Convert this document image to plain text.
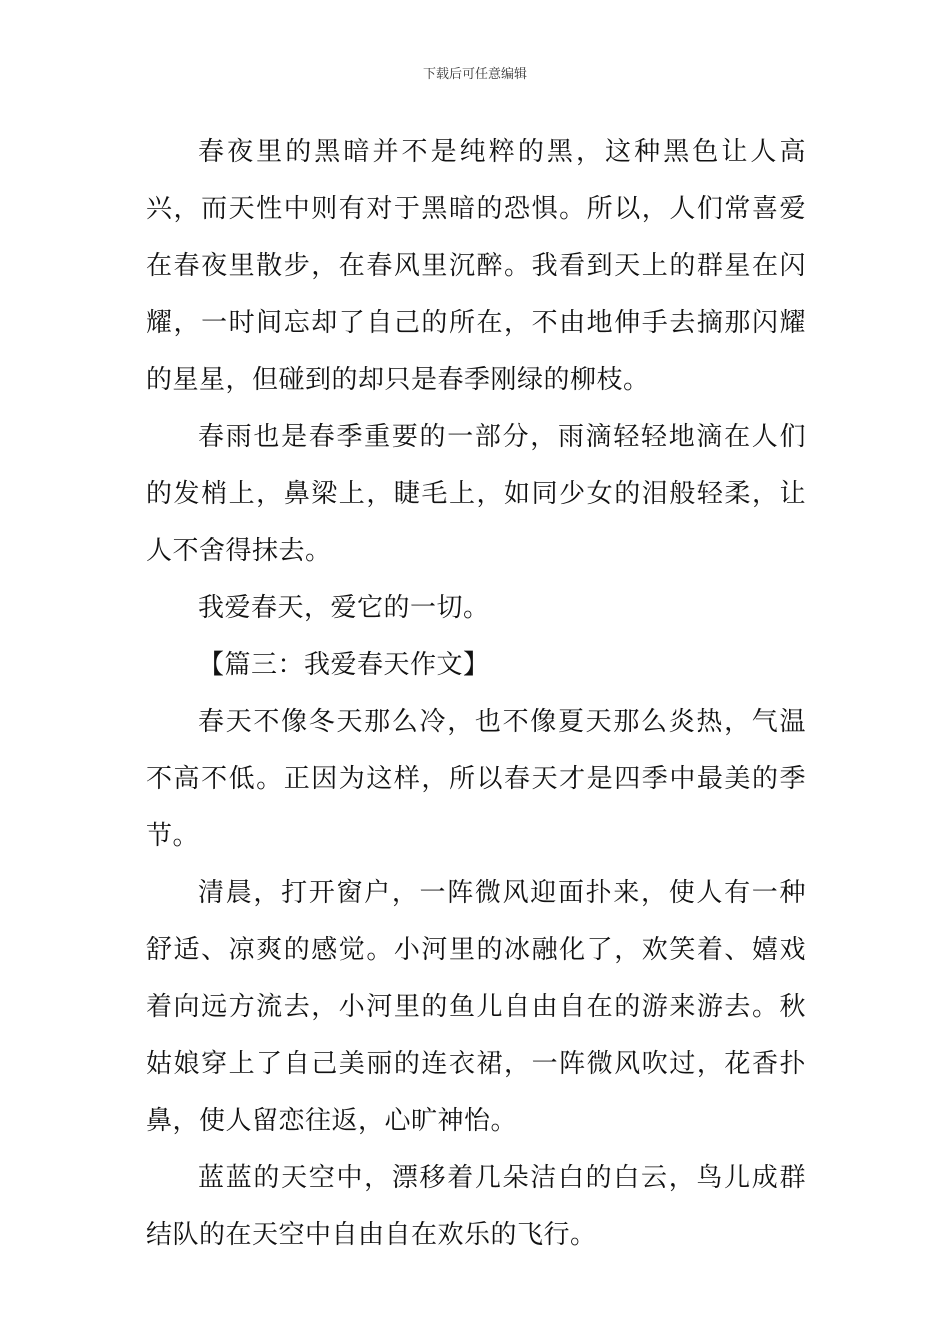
下载后可任意编辑

春夜里的黑暗并不是纯粹的黑，这种黑色让人高兴，而天性中则有对于黑暗的恐惧。所以，人们常喜爱在春夜里散步，在春风里沉醉。我看到天上的群星在闪耀，一时间忘却了自己的所在，不由地伸手去摘那闪耀的星星，但碰到的却只是春季刚绿的柳枝。

春雨也是春季重要的一部分，雨滴轻轻地滴在人们的发梢上，鼻梁上，睫毛上，如同少女的泪般轻柔，让人不舍得抹去。

我爱春天，爱它的一切。

【篇三：我爱春天作文】

春天不像冬天那么冷，也不像夏天那么炎热，气温不高不低。正因为这样，所以春天才是四季中最美的季节。

清晨，打开窗户，一阵微风迎面扑来，使人有一种舒适、凉爽的感觉。小河里的冰融化了，欢笑着、嬉戏着向远方流去，小河里的鱼儿自由自在的游来游去。秋姑娘穿上了自己美丽的连衣裙，一阵微风吹过，花香扑鼻，使人留恋往返，心旷神怡。

蓝蓝的天空中，漂移着几朵洁白的白云，鸟儿成群结队的在天空中自由自在欢乐的飞行。
